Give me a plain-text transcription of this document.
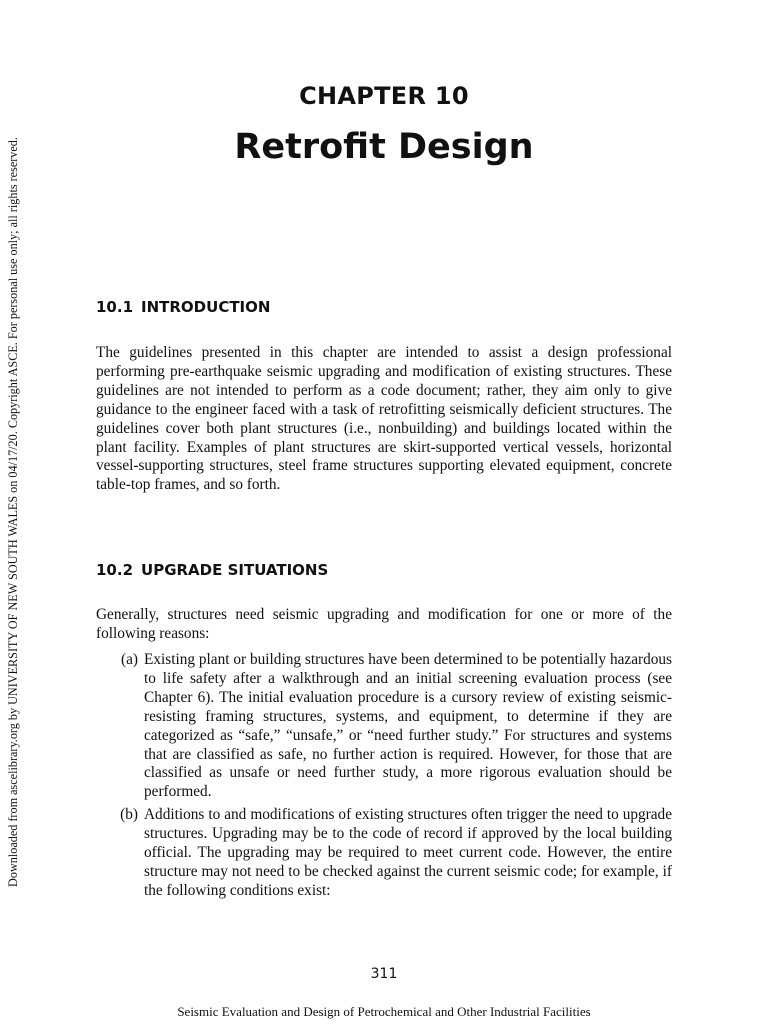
Downloaded from ascelibrary.org by UNIVERSITY OF NEW SOUTH WALES on 04/17/20. Copyright ASCE. For personal use only; all rights reserved.
CHAPTER 10
Retrofit Design
10.1 INTRODUCTION

The guidelines presented in this chapter are intended to assist a design professional performing pre-earthquake seismic upgrading and modification of existing structures. These guidelines are not intended to perform as a code document; rather, they aim only to give guidance to the engineer faced with a task of retrofitting seismically deficient structures. The guidelines cover both plant structures (i.e., nonbuilding) and buildings located within the plant facility. Examples of plant structures are skirt-supported vertical vessels, horizontal vessel-supporting structures, steel frame structures supporting elevated equipment, concrete table-top frames, and so forth.

10.2 UPGRADE SITUATIONS

Generally, structures need seismic upgrading and modification for one or more of the following reasons:

(a) Existing plant or building structures have been determined to be potentially hazardous to life safety after a walkthrough and an initial screening evaluation process (see Chapter 6). The initial evaluation procedure is a cursory review of existing seismic-resisting framing structures, systems, and equipment, to determine if they are categorized as “safe,” “unsafe,” or “need further study.” For structures and systems that are classified as safe, no further action is required. However, for those that are classified as unsafe or need further study, a more rigorous evaluation should be performed.
(b) Additions to and modifications of existing structures often trigger the need to upgrade structures. Upgrading may be to the code of record if approved by the local building official. The upgrading may be required to meet current code. However, the entire structure may not need to be checked against the current seismic code; for example, if the following conditions exist:
311
Seismic Evaluation and Design of Petrochemical and Other Industrial Facilities
